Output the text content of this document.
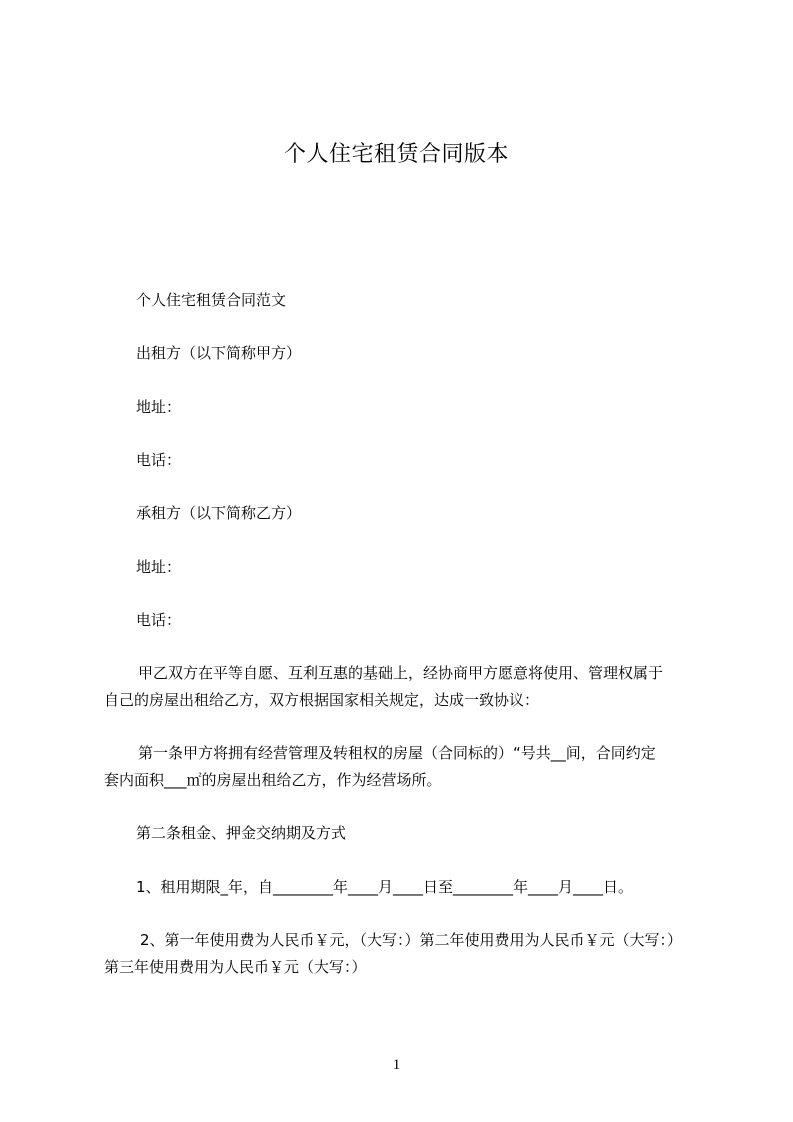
个人住宅租赁合同版本
个人住宅租赁合同范文
出租方（以下简称甲方）
地址：
电话：
承租方（以下简称乙方）
地址：
电话：
甲乙双方在平等自愿、互利互惠的基础上，经协商甲方愿意将使用、管理权属于
自己的房屋出租给乙方，双方根据国家相关规定，达成一致协议：
第一条甲方将拥有经营管理及转租权的房屋（合同标的）“号共__间，合同约定
套内面积___㎡的房屋出租给乙方，作为经营场所。
第二条租金、押金交纳期及方式
1、租用期限_年，自________年____月____日至________年____月____日。
2、第一年使用费为人民币￥元，（大写：）第二年使用费用为人民币￥元（大写：）
第三年使用费用为人民币￥元（大写：）
1
